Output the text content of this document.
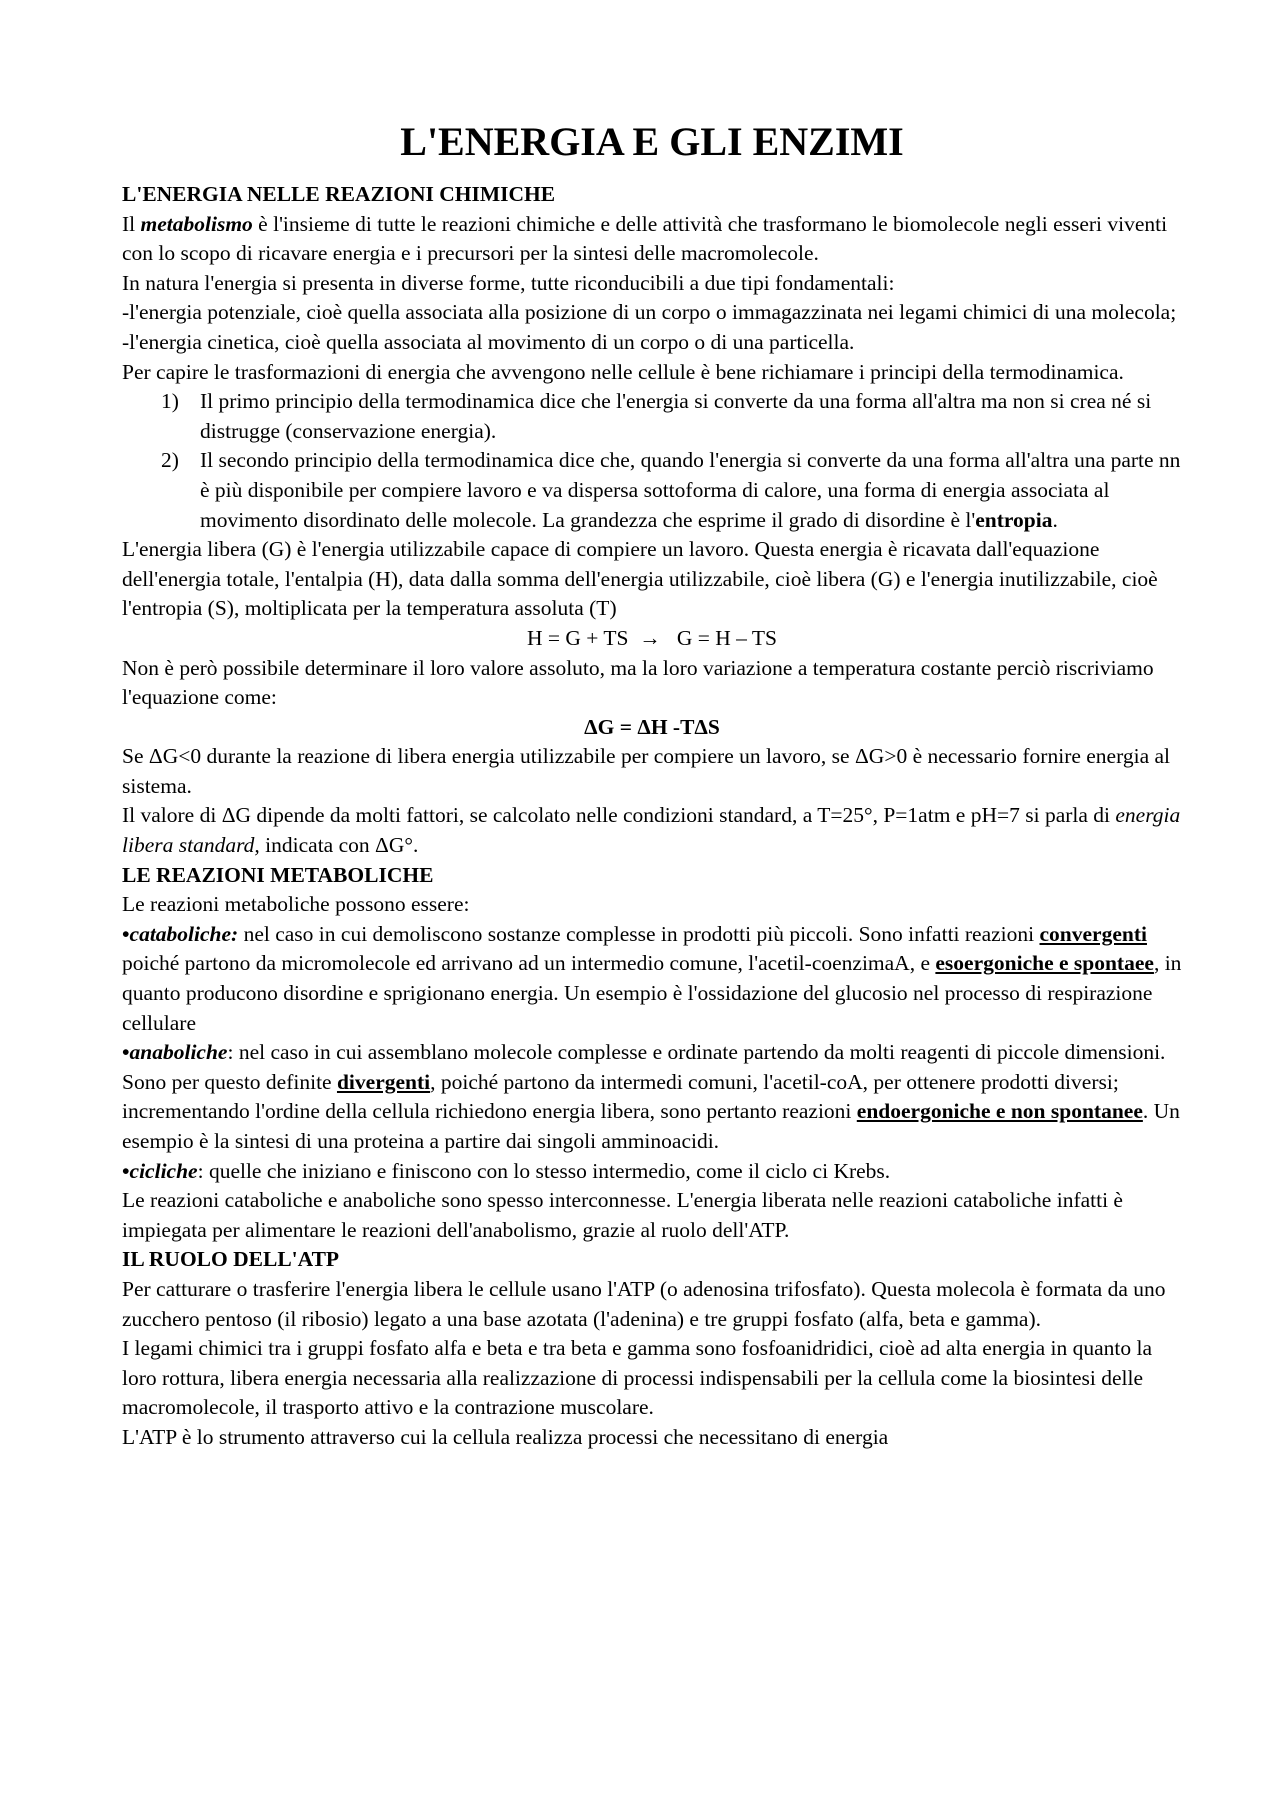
L'ENERGIA E GLI ENZIMI

L'ENERGIA NELLE REAZIONI CHIMICHE

Il metabolismo è l'insieme di tutte le reazioni chimiche e delle attività che trasformano le biomolecole negli esseri viventi con lo scopo di ricavare energia e i precursori per la sintesi delle macromolecole.

In natura l'energia si presenta in diverse forme, tutte riconducibili a due tipi fondamentali:

-l'energia potenziale, cioè quella associata alla posizione di un corpo o immagazzinata nei legami chimici di una molecola;

-l'energia cinetica, cioè quella associata al movimento di un corpo o di una particella.

Per capire le trasformazioni di energia che avvengono nelle cellule è bene richiamare i principi della termodinamica.

1) Il primo principio della termodinamica dice che l'energia si converte da una forma all'altra ma non si crea né si distrugge (conservazione energia).
2) Il secondo principio della termodinamica dice che, quando l'energia si converte da una forma all'altra una parte nn è più disponibile per compiere lavoro e va dispersa sottoforma di calore, una forma di energia associata al movimento disordinato delle molecole. La grandezza che esprime il grado di disordine è l'entropia.

L'energia libera (G) è l'energia utilizzabile capace di compiere un lavoro. Questa energia è ricavata dall'equazione dell'energia totale, l'entalpia (H), data dalla somma dell'energia utilizzabile, cioè libera (G) e l'energia inutilizzabile, cioè l'entropia (S), moltiplicata per la temperatura assoluta (T)

H = G + TS  →   G = H – TS

Non è però possibile determinare il loro valore assoluto, ma la loro variazione a temperatura costante perciò riscriviamo l'equazione come:

ΔG = ΔH -TΔS

Se ΔG<0 durante la reazione di libera energia utilizzabile per compiere un lavoro, se ΔG>0 è necessario fornire energia al sistema.

Il valore di ΔG dipende da molti fattori, se calcolato nelle condizioni standard, a T=25°, P=1atm e pH=7 si parla di energia libera standard, indicata con ΔG°.

LE REAZIONI METABOLICHE

Le reazioni metaboliche possono essere:

•cataboliche: nel caso in cui demoliscono sostanze complesse in prodotti più piccoli. Sono infatti reazioni convergenti poiché partono da micromolecole ed arrivano ad un intermedio comune, l'acetil-coenzimaA, e esoergoniche e spontaee, in quanto producono disordine e sprigionano energia. Un esempio è l'ossidazione del glucosio nel processo di respirazione cellulare

•anaboliche: nel caso in cui assemblano molecole complesse e ordinate partendo da molti reagenti di piccole dimensioni. Sono per questo definite divergenti, poiché partono da intermedi comuni, l'acetil-coA, per ottenere prodotti diversi; incrementando l'ordine della cellula richiedono energia libera, sono pertanto reazioni endoergoniche e non spontanee. Un esempio è la sintesi di una proteina a partire dai singoli amminoacidi.

•cicliche: quelle che iniziano e finiscono con lo stesso intermedio, come il ciclo ci Krebs.

Le reazioni cataboliche e anaboliche sono spesso interconnesse. L'energia liberata nelle reazioni cataboliche infatti è impiegata per alimentare le reazioni dell'anabolismo, grazie al ruolo dell'ATP.

IL RUOLO DELL'ATP

Per catturare o trasferire l'energia libera le cellule usano l'ATP (o adenosina trifosfato). Questa molecola è formata da uno zucchero pentoso (il ribosio) legato a una base azotata (l'adenina) e tre gruppi fosfato (alfa, beta e gamma).

I legami chimici tra i gruppi fosfato alfa e beta e tra beta e gamma sono fosfoanidridici, cioè ad alta energia in quanto la loro rottura, libera energia necessaria alla realizzazione di processi indispensabili per la cellula come la biosintesi delle macromolecole, il trasporto attivo e la contrazione muscolare.

L'ATP è lo strumento attraverso cui la cellula realizza processi che necessitano di energia
